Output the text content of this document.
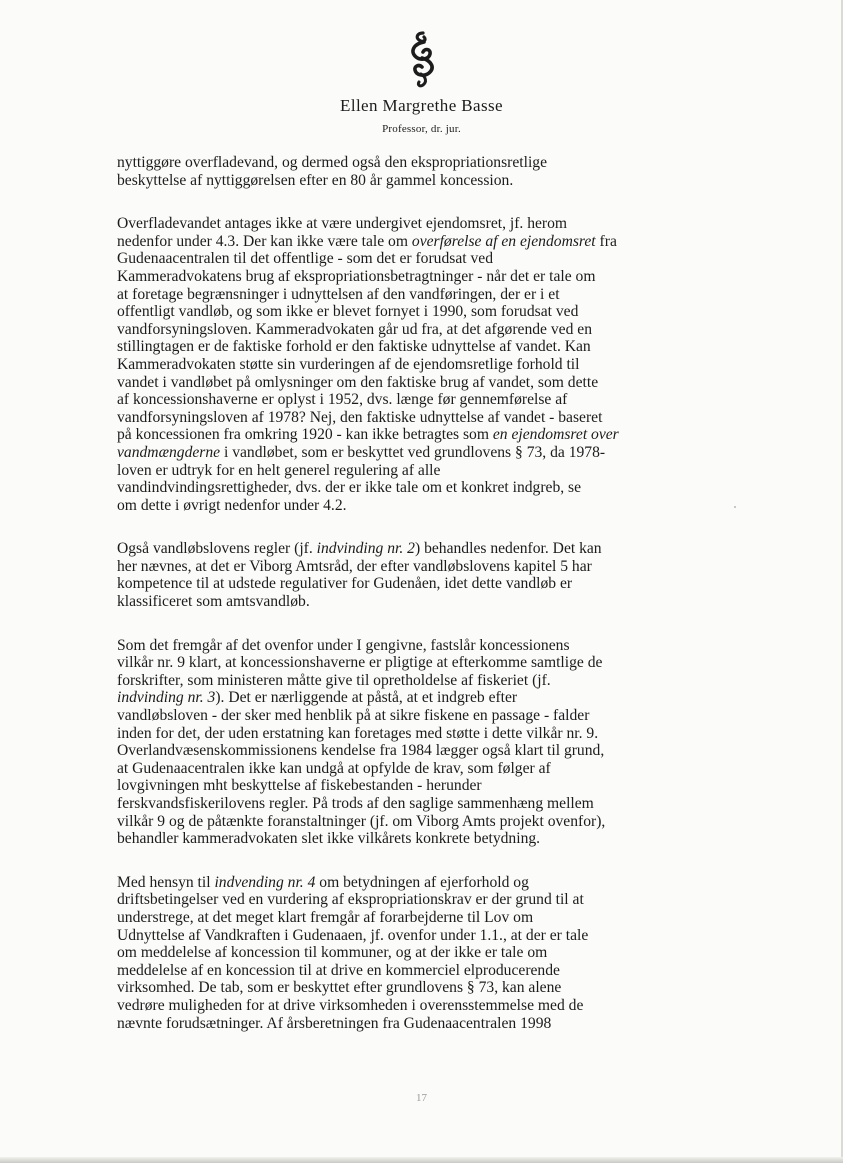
Ellen Margrethe Basse
Professor, dr. jur.

nyttiggøre overfladevand, og dermed også den ekspropriationsretlige
beskyttelse af nyttiggørelsen efter en 80 år gammel koncession.

Overfladevandet antages ikke at være undergivet ejendomsret, jf. herom
nedenfor under 4.3. Der kan ikke være tale om overførelse af en ejendomsret fra
Gudenaacentralen til det offentlige - som det er forudsat ved
Kammeradvokatens brug af ekspropriationsbetragtninger - når det er tale om
at foretage begrænsninger i udnyttelsen af den vandføringen, der er i et
offentligt vandløb, og som ikke er blevet fornyet i 1990, som forudsat ved
vandforsyningsloven. Kammeradvokaten går ud fra, at det afgørende ved en
stillingtagen er de faktiske forhold er den faktiske udnyttelse af vandet. Kan
Kammeradvokaten støtte sin vurderingen af de ejendomsretlige forhold til
vandet i vandløbet på omlysninger om den faktiske brug af vandet, som dette
af koncessionshaverne er oplyst i 1952, dvs. længe før gennemførelse af
vandforsyningsloven af 1978? Nej, den faktiske udnyttelse af vandet - baseret
på koncessionen fra omkring 1920 - kan ikke betragtes som en ejendomsret over
vandmængderne i vandløbet, som er beskyttet ved grundlovens § 73, da 1978-
loven er udtryk for en helt generel regulering af alle
vandindvindingsrettigheder, dvs. der er ikke tale om et konkret indgreb, se
om dette i øvrigt nedenfor under 4.2.

Også vandløbslovens regler (jf. indvinding nr. 2) behandles nedenfor. Det kan
her nævnes, at det er Viborg Amtsråd, der efter vandløbslovens kapitel 5 har
kompetence til at udstede regulativer for Gudenåen, idet dette vandløb er
klassificeret som amtsvandløb.

Som det fremgår af det ovenfor under I gengivne, fastslår koncessionens
vilkår nr. 9 klart, at koncessionshaverne er pligtige at efterkomme samtlige de
forskrifter, som ministeren måtte give til opretholdelse af fiskeriet (jf.
indvinding nr. 3). Det er nærliggende at påstå, at et indgreb efter
vandløbsloven - der sker med henblik på at sikre fiskene en passage - falder
inden for det, der uden erstatning kan foretages med støtte i dette vilkår nr. 9.
Overlandvæsenskommissionens kendelse fra 1984 lægger også klart til grund,
at Gudenaacentralen ikke kan undgå at opfylde de krav, som følger af
lovgivningen mht beskyttelse af fiskebestanden - herunder
ferskvandsfiskerilovens regler. På trods af den saglige sammenhæng mellem
vilkår 9 og de påtænkte foranstaltninger (jf. om Viborg Amts projekt ovenfor),
behandler kammeradvokaten slet ikke vilkårets konkrete betydning.

Med hensyn til indvending nr. 4 om betydningen af ejerforhold og
driftsbetingelser ved en vurdering af ekspropriationskrav er der grund til at
understrege, at det meget klart fremgår af forarbejderne til Lov om
Udnyttelse af Vandkraften i Gudenaaen, jf. ovenfor under 1.1., at der er tale
om meddelelse af koncession til kommuner, og at der ikke er tale om
meddelelse af en koncession til at drive en kommerciel elproducerende
virksomhed. De tab, som er beskyttet efter grundlovens § 73, kan alene
vedrøre muligheden for at drive virksomheden i overensstemmelse med de
nævnte forudsætninger. Af årsberetningen fra Gudenaacentralen 1998

17
